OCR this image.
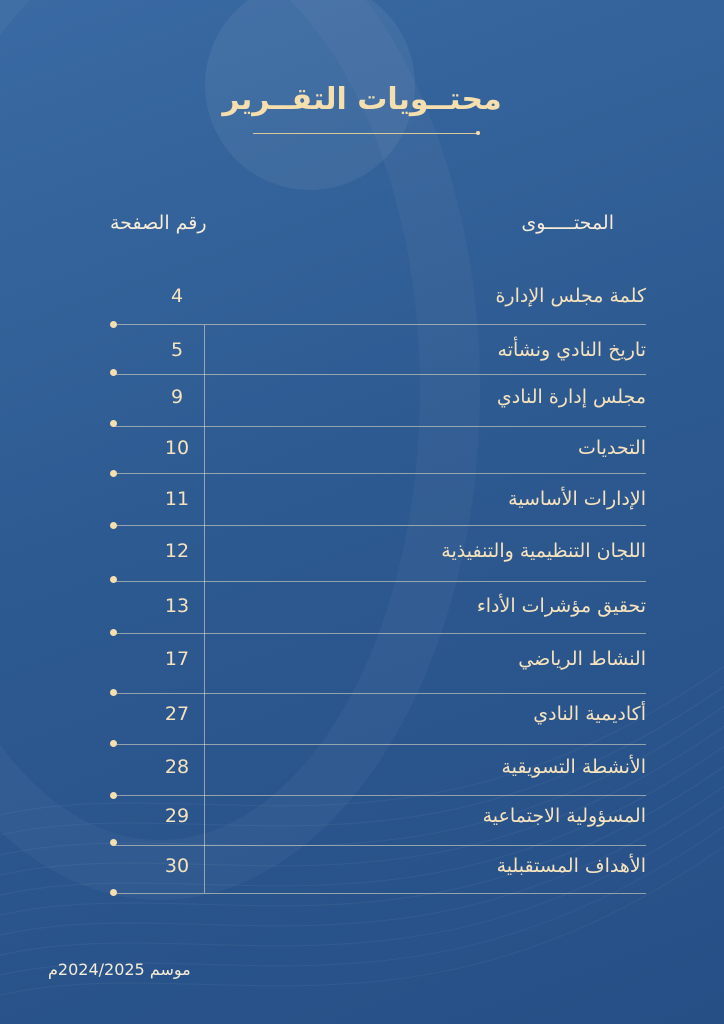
محتــويات التقــرير
المحتـــــوى
رقم الصفحة
كلمة مجلس الإدارة
4
تاريخ النادي ونشأته
5
مجلس إدارة النادي
9
التحديات
10
الإدارات الأساسية
11
اللجان التنظيمية والتنفيذية
12
تحقيق مؤشرات الأداء
13
النشاط الرياضي
17
أكاديمية النادي
27
الأنشطة التسويقية
28
المسؤولية الاجتماعية
29
الأهداف المستقبلية
30
موسم 2024/2025م
